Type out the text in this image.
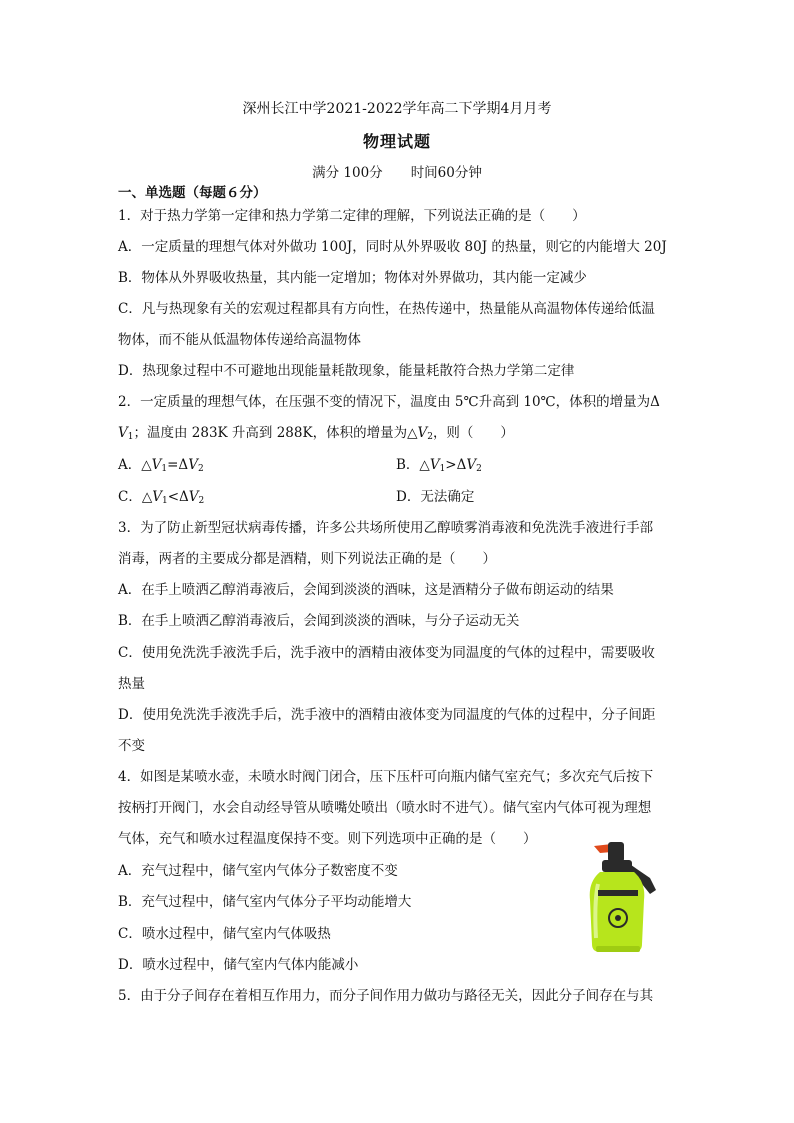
深州长江中学2021-2022学年高二下学期4月月考
物理试题
满分 100分 时间60分钟
一、单选题（每题６分）
1．对于热力学第一定律和热力学第二定律的理解，下列说法正确的是（　　）
A．一定质量的理想气体对外做功 100J，同时从外界吸收 80J 的热量，则它的内能增大 20J
B．物体从外界吸收热量，其内能一定增加；物体对外界做功，其内能一定减少
C．凡与热现象有关的宏观过程都具有方向性，在热传递中，热量能从高温物体传递给低温
物体，而不能从低温物体传递给高温物体
D．热现象过程中不可避地出现能量耗散现象，能量耗散符合热力学第二定律
2．一定质量的理想气体，在压强不变的情况下，温度由 5℃升高到 10℃，体积的增量为Δ
$V_1$；温度由 283K 升高到 288K，体积的增量为$\triangle V_2$，则（　　）
A．$\triangle V_1=\Delta V_2$	B．$\triangle V_1>\Delta V_2$
C．$\triangle V_1<\Delta V_2$	D．无法确定
3．为了防止新型冠状病毒传播，许多公共场所使用乙醇喷雾消毒液和免洗洗手液进行手部
消毒，两者的主要成分都是酒精，则下列说法正确的是（　　）
A．在手上喷洒乙醇消毒液后，会闻到淡淡的酒味，这是酒精分子做布朗运动的结果
B．在手上喷洒乙醇消毒液后，会闻到淡淡的酒味，与分子运动无关
C．使用免洗洗手液洗手后，洗手液中的酒精由液体变为同温度的气体的过程中，需要吸收
热量
D．使用免洗洗手液洗手后，洗手液中的酒精由液体变为同温度的气体的过程中，分子间距
不变
4．如图是某喷水壶，未喷水时阀门闭合，压下压杆可向瓶内储气室充气；多次充气后按下
按柄打开阀门，水会自动经导管从喷嘴处喷出（喷水时不进气）。储气室内气体可视为理想
气体，充气和喷水过程温度保持不变。则下列选项中正确的是（　　）
A．充气过程中，储气室内气体分子数密度不变
B．充气过程中，储气室内气体分子平均动能增大
C．喷水过程中，储气室内气体吸热
D．喷水过程中，储气室内气体内能减小
5．由于分子间存在着相互作用力，而分子间作用力做功与路径无关，因此分子间存在与其
